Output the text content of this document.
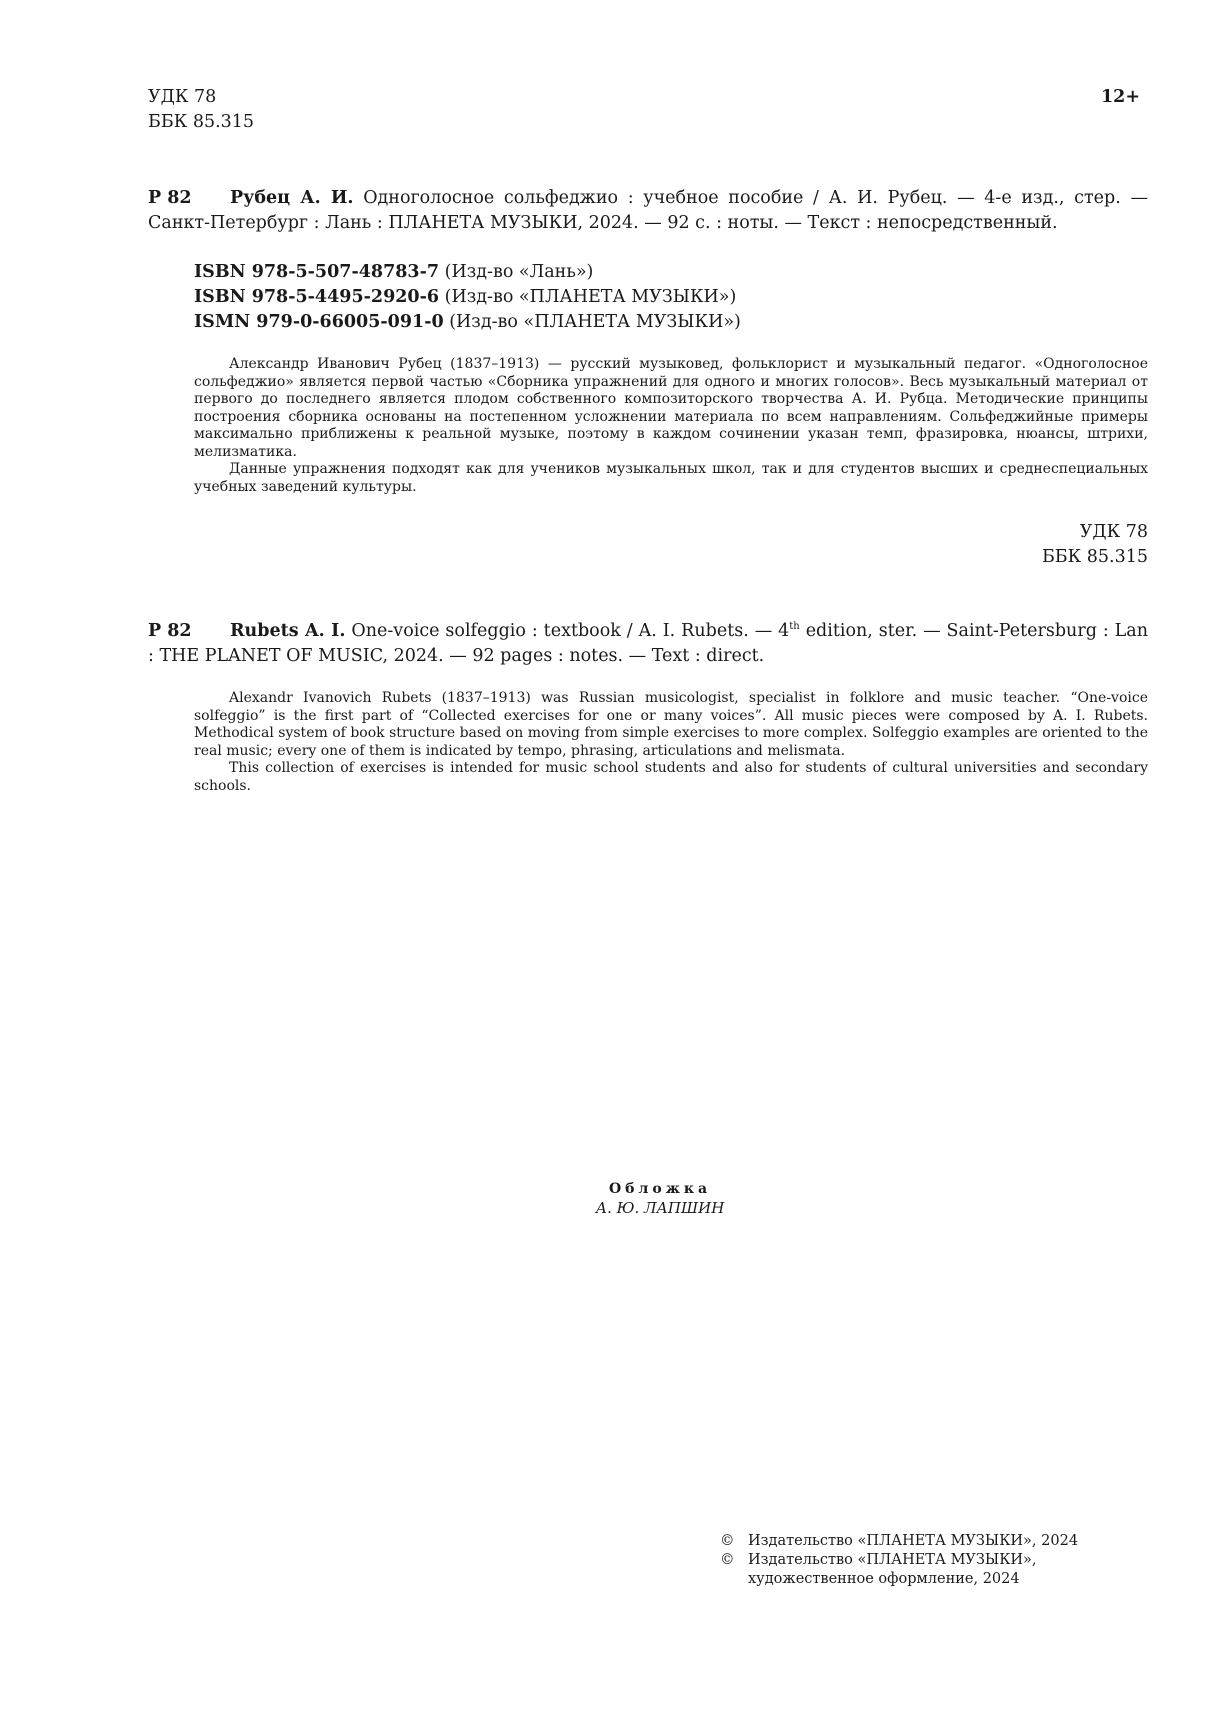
УДК 78
ББК 85.315
12+
Р 82	Рубец А. И. Одноголосное сольфеджио : учебное пособие / А. И. Рубец. — 4-е изд., стер. — Санкт-Петербург : Лань : ПЛАНЕТА МУЗЫКИ, 2024. — 92 с. : ноты. — Текст : непосредственный.

ISBN 978-5-507-48783-7 (Изд-во «Лань»)
ISBN 978-5-4495-2920-6 (Изд-во «ПЛАНЕТА МУЗЫКИ»)
ISMN 979-0-66005-091-0 (Изд-во «ПЛАНЕТА МУЗЫКИ»)

Александр Иванович Рубец (1837–1913) — русский музыковед, фольклорист и музыкальный педагог. «Одноголосное сольфеджио» является первой частью «Сборника упражнений для одного и многих голосов». Весь музыкальный материал от первого до последнего является плодом собственного композиторского творчества А. И. Рубца. Методические принципы построения сборника основаны на постепенном усложнении материала по всем направлениям. Сольфеджийные примеры максимально приближены к реальной музыке, поэтому в каждом сочинении указан темп, фразировка, нюансы, штрихи, мелизматика.

Данные упражнения подходят как для учеников музыкальных школ, так и для студентов высших и среднеспециальных учебных заведений культуры.

УДК 78
ББК 85.315
Р 82	Rubets A. I. One-voice solfeggio : textbook / A. I. Rubets. — 4th edition, ster. — Saint-Petersburg : Lan : THE PLANET OF MUSIC, 2024. — 92 pages : notes. — Text : direct.

Alexandr Ivanovich Rubets (1837–1913) was Russian musicologist, specialist in folklore and music teacher. “One-voice solfeggio” is the first part of “Collected exercises for one or many voices”. All music pieces were composed by A. I. Rubets. Methodical system of book structure based on moving from simple exercises to more complex. Solfeggio examples are oriented to the real music; every one of them is indicated by tempo, phrasing, articulations and melismata.

This collection of exercises is intended for music school students and also for students of cultural universities and secondary schools.

Обложка
А. Ю. ЛАПШИН
© Издательство «ПЛАНЕТА МУЗЫКИ», 2024
© Издательство «ПЛАНЕТА МУЗЫКИ», художественное оформление, 2024
